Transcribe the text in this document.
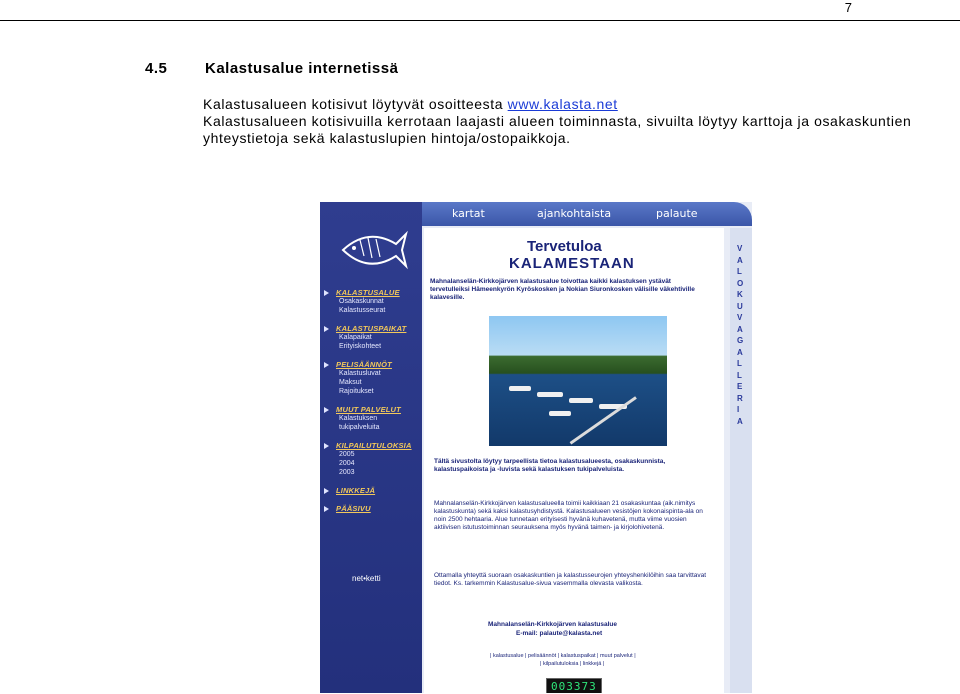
7
4.5	Kalastusalue internetissä
Kalastusalueen kotisivut löytyvät osoitteesta www.kalasta.net
Kalastusalueen kotisivuilla kerrotaan laajasti alueen toiminnasta, sivuilta löytyy karttoja ja osakaskuntien yhteystietoja sekä kalastuslupien hintoja/ostopaikkoja.
KALASTUSALUE
Osakaskunnat
Kalastusseurat
KALASTUSPAIKAT
Kalapaikat
Erityiskohteet
PELISÄÄNNÖT
Kalastusluvat
Maksut
Rajoitukset
MUUT PALVELUT
Kalastuksen
tukipalveluita
KILPAILUTULOKSIA
2005
2004
2003
LINKKEJÄ
PÄÄSIVU
net•ketti
kartat	ajankohtaista	palaute
Tervetuloa
KALAMESTAAN
Mahnalanselän-Kirkkojärven kalastusalue toivottaa kaikki kalastuksen ystävät tervetulleiksi Hämeenkyrön Kyröskosken ja Nokian Siuronkosken välisille väkehtiville kalavesille.
Tältä sivustolta löytyy tarpeellista tietoa kalastusalueesta, osakaskunnista, kalastuspaikoista ja -luvista sekä kalastuksen tukipalveluista.
Mahnalanselän-Kirkkojärven kalastusalueella toimii kaikkiaan 21 osakaskuntaa (aik.nimitys kalastuskunta) sekä kaksi kalastusyhdistystä. Kalastusalueen vesistöjen kokonaispinta-ala on noin 2500 hehtaaria. Alue tunnetaan erityisesti hyvänä kuhavetenä, mutta viime vuosien aktiivisen istutustoiminnan seurauksena myös hyvänä taimen- ja kirjolohivetenä.
Ottamalla yhteyttä suoraan osakaskuntien ja kalastusseurojen yhteyshenkilöihin saa tarvittavat tiedot. Ks. tarkemmin Kalastusalue-sivua vasemmalla olevasta valikosta.
Mahnalanselän-Kirkkojärven kalastusalue
E-mail: palaute@kalasta.net
| kalastusalue | pelisäännöt | kalastuspaikat | muut palvelut |
| kilpailutuloksia | linkkejä |
003373
V
A
L
O
K
U
V
A
G
A
L
L
E
R
I
A
